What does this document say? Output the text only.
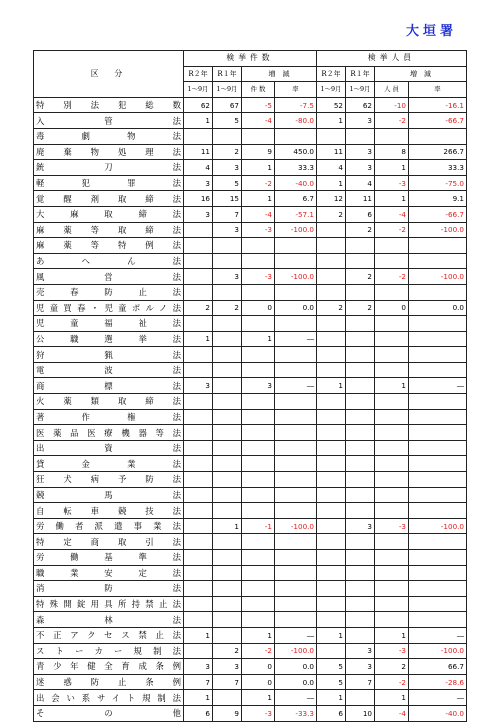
大垣署
区　分	検挙件数				検挙人員			
	R２年	R１年	増　減		R２年	R１年	増　減	
	1～9月	1～9月	件 数	率	1～9月	1～9月	人 員	率
特別法犯総数	62	67	-5	-7.5	52	62	-10	-16.1
入管法	1	5	-4	-80.0	1	3	-2	-66.7
毒劇物法								
廃棄物処理法	11	2	9	450.0	11	3	8	266.7
銃刀法	4	3	1	33.3	4	3	1	33.3
軽犯罪法	3	5	-2	-40.0	1	4	-3	-75.0
覚醒剤取締法	16	15	1	6.7	12	11	1	9.1
大麻取締法	3	7	-4	-57.1	2	6	-4	-66.7
麻薬等取締法		3	-3	-100.0		2	-2	-100.0
麻薬等特例法								
あへん法								
風営法		3	-3	-100.0		2	-2	-100.0
売春防止法								
児童買春・児童ポルノ法	2	2	0	0.0	2	2	0	0.0
児童福祉法								
公職選挙法	1		1	―				
狩猟法								
電波法								
商標法	3		3	―	1		1	―
火薬類取締法								
著作権法								
医薬品医療機器等法								
出資法								
貸金業法								
狂犬病予防法								
競馬法								
自転車競技法								
労働者派遣事業法		1	-1	-100.0		3	-3	-100.0
特定商取引法								
労働基準法								
職業安定法								
消防法								
特殊開錠用具所持禁止法								
森林法								
不正アクセス禁止法	1		1	―	1		1	―
ストーカー規制法		2	-2	-100.0		3	-3	-100.0
青少年健全育成条例	3	3	0	0.0	5	3	2	66.7
迷惑防止条例	7	7	0	0.0	5	7	-2	-28.6
出会い系サイト規制法	1		1	―	1		1	―
その他	6	9	-3	-33.3	6	10	-4	-40.0
